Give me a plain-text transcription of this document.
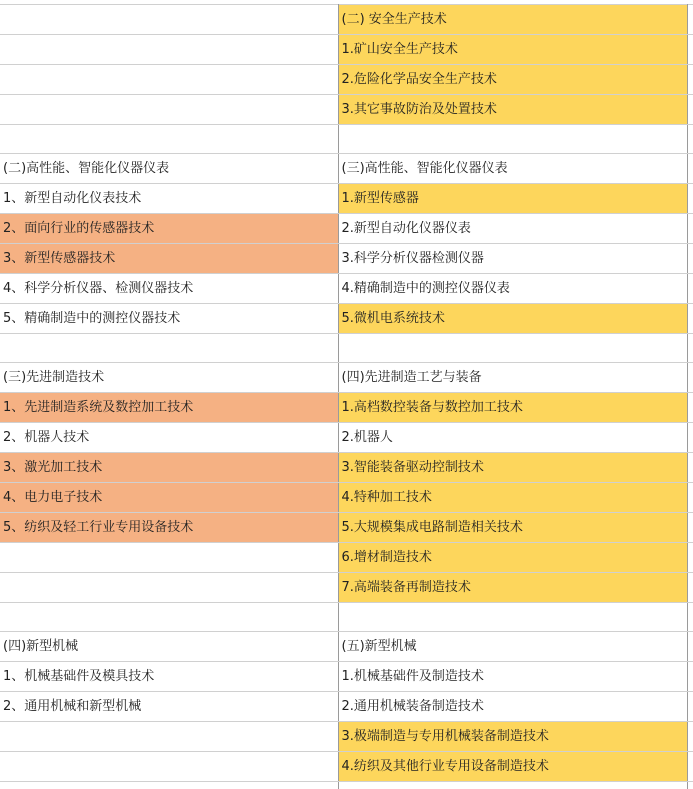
	(二) 安全生产技术	
	1.矿山安全生产技术	
	2.危险化学品安全生产技术	
	3.其它事故防治及处置技术	

(二)高性能、智能化仪器仪表	(三)高性能、智能化仪器仪表	
1、新型自动化仪表技术	1.新型传感器	
2、面向行业的传感器技术	2.新型自动化仪器仪表	
3、新型传感器技术	3.科学分析仪器检测仪器	
4、科学分析仪器、检测仪器技术	4.精确制造中的测控仪器仪表	
5、精确制造中的测控仪器技术	5.微机电系统技术	

(三)先进制造技术	(四)先进制造工艺与装备	
1、先进制造系统及数控加工技术	1.高档数控装备与数控加工技术	
2、机器人技术	2.机器人	
3、激光加工技术	3.智能装备驱动控制技术	
4、电力电子技术	4.特种加工技术	
5、纺织及轻工行业专用设备技术	5.大规模集成电路制造相关技术	
	6.增材制造技术	
	7.高端装备再制造技术	

(四)新型机械	(五)新型机械	
1、机械基础件及模具技术	1.机械基础件及制造技术	
2、通用机械和新型机械	2.通用机械装备制造技术	
	3.极端制造与专用机械装备制造技术	
	4.纺织及其他行业专用设备制造技术	
